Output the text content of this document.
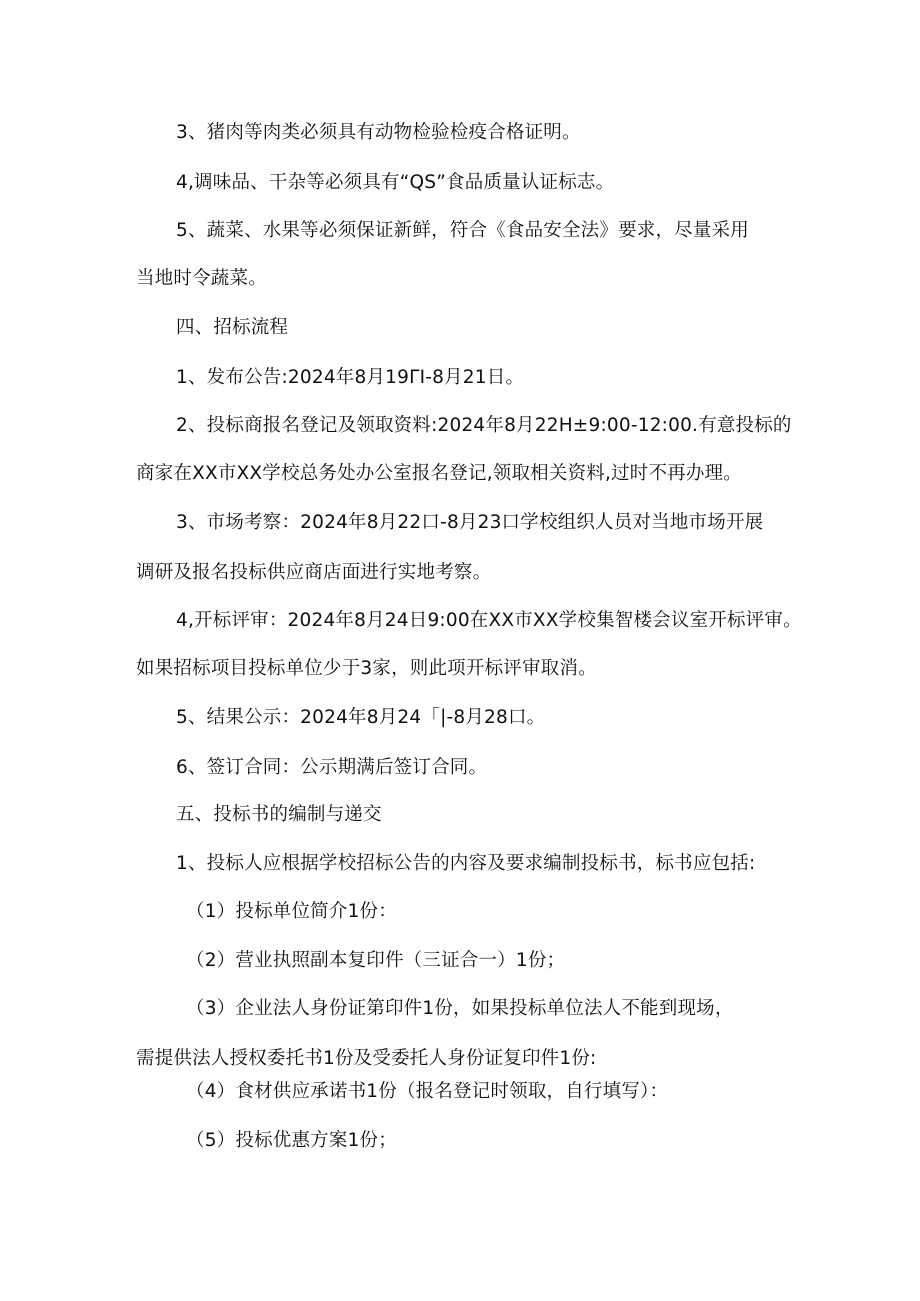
3、猪肉等肉类必须具有动物检验检疫合格证明。
4,调味品、干杂等必须具有“QS”食品质量认证标志。
5、蔬菜、水果等必须保证新鲜，符合《食品安全法》要求，尽量采用
当地时令蔬菜。
四、招标流程
1、发布公告:2024年8月19ΓI-8月21日。
2、投标商报名登记及领取资料:2024年8月22H±9:00-12:00.有意投标的
商家在XX市XX学校总务处办公室报名登记,领取相关资料,过时不再办理。
3、市场考察：2024年8月22口-8月23口学校组织人员对当地市场开展
调研及报名投标供应商店面进行实地考察。
4,开标评审：2024年8月24日9:00在XX市XX学校集智楼会议室开标评审。
如果招标项目投标单位少于3家，则此项开标评审取消。
5、结果公示：2024年8月24「|-8月28口。
6、签订合同：公示期满后签订合同。
五、投标书的编制与递交
1、投标人应根据学校招标公告的内容及要求编制投标书，标书应包括:
（1）投标单位简介1份：
（2）营业执照副本复印件（三证合一）1份；
（3）企业法人身份证第印件1份，如果投标单位法人不能到现场，
需提供法人授权委托书1份及受委托人身份证复印件1份:
（4）食材供应承诺书1份（报名登记时领取，自行填写）：
（5）投标优惠方案1份；
